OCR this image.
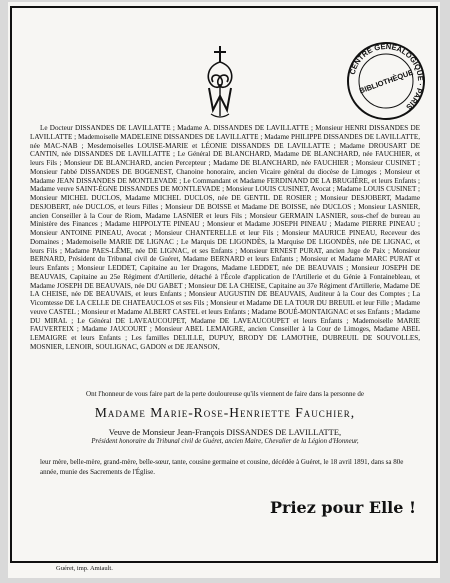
CENTRE GÉNÉALOGIQUE · PARIS
BIBLIOTHÈQUE

Le Docteur DISSANDES DE LAVILLATTE ; Madame A. DISSANDES DE LAVILLATTE ; Monsieur HENRI DISSANDES DE LAVILLATTE ; Mademoiselle MADELEINE DISSANDES DE LAVILLATTE ; Madame PHILIPPE DISSANDES DE LAVILLATTE, née MAC-NAB ; Mesdemoiselles LOUISE-MARIE et LÉONIE DISSANDES DE LAVILLATTE ; Madame DROUSART DE CANTIN, née DISSANDES DE LAVILLATTE ; Le Général DE BLANCHARD, Madame DE BLANCHARD, née FAUCHIER, et leurs Fils ; Monsieur DE BLANCHARD, ancien Percepteur ; Madame DE BLANCHARD, née FAUCHIER ; Monsieur CUSINET ; Monsieur l'abbé DISSANDES DE BOGENEST, Chanoine honoraire, ancien Vicaire général du diocèse de Limoges ; Monsieur et Madame JEAN DISSANDES DE MONTLEVADE ; Le Commandant et Madame FERDINAND DE LA BRUGIÈRE, et leurs Enfants ; Madame veuve SAINT-ÉGNE DISSANDES DE MONTLEVADE ; Monsieur LOUIS CUSINET, Avocat ; Madame LOUIS CUSINET ; Monsieur MICHEL DUCLOS, Madame MICHEL DUCLOS, née DE GENTIL DE ROSIER ; Monsieur DESJOBERT, Madame DESJOBERT, née DUCLOS, et leurs Filles ; Monsieur DE BOISSE et Madame DE BOISSE, née DUCLOS ; Monsieur LASNIER, ancien Conseiller à la Cour de Riom, Madame LASNIER et leurs Fils ; Monsieur GERMAIN LASNIER, sous-chef de bureau au Ministère des Finances ; Madame HIPPOLYTE PINEAU ; Monsieur et Madame JOSEPH PINEAU ; Madame PIERRE PINEAU ; Monsieur ANTOINE PINEAU, Avocat ; Monsieur CHANTERELLE et leur Fils ; Monsieur MAURICE PINEAU, Receveur des Domaines ; Mademoiselle MARIE DE LIGNAC ; Le Marquis DE LIGONDÈS, la Marquise DE LIGONDÈS, née DE LIGNAC, et leurs Fils ; Madame PAES-LÊME, née DE LIGNAC, et ses Enfants ; Monsieur ERNEST PURAT, ancien Juge de Paix ; Monsieur BERNARD, Président du Tribunal civil de Guéret, Madame BERNARD et leurs Enfants ; Monsieur et Madame MARC PURAT et leurs Enfants ; Monsieur LEDDET, Capitaine au 1er Dragons, Madame LEDDET, née DE BEAUVAIS ; Monsieur JOSEPH DE BEAUVAIS, Capitaine au 25e Régiment d'Artillerie, détaché à l'École d'application de l'Artillerie et du Génie à Fontainebleau, et Madame JOSEPH DE BEAUVAIS, née DU GABET ; Monsieur DE LA CHEISE, Capitaine au 37e Régiment d'Artillerie, Madame DE LA CHEISE, née DE BEAUVAIS, et leurs Enfants ; Monsieur AUGUSTIN DE BEAUVAIS, Auditeur à la Cour des Comptes ; La Vicomtesse DE LA CELLE DE CHATEAUCLOS et ses Fils ; Monsieur et Madame DE LA TOUR DU BREUIL et leur Fille ; Madame veuve CASTEL ; Monsieur et Madame ALBERT CASTEL et leurs Enfants ; Madame BOUÉ-MONTAIGNAC et ses Enfants ; Madame DU MIRAL ; Le Général DE LAVEAUCOUPET, Madame DE LAVEAUCOUPET et leurs Enfants ; Mademoiselle MARIE FAUVERTEIX ; Madame JAUCOURT ; Monsieur ABEL LEMAIGRE, ancien Conseiller à la Cour de Limoges, Madame ABEL LEMAIGRE et leurs Enfants ; Les familles DELILLE, DUPUY, BRODY DE LAMOTHE, DUBREUIL DE SOUVOLLES, MOSNIER, LENOIR, SOULIGNAC, GADON et DE JEANSON,

Ont l'honneur de vous faire part de la perte douloureuse qu'ils viennent de faire dans la personne de
Madame Marie-Rose-Henriette Fauchier,
Veuve de Monsieur Jean-François DISSANDES DE LAVILLATTE,
Président honoraire du Tribunal civil de Guéret, ancien Maire, Chevalier de la Légion d'Honneur,
leur mère, belle-mère, grand-mère, belle-sœur, tante, cousine germaine et cousine, décédée à Guéret, le 18 avril 1891, dans sa 80e année, munie des Sacrements de l'Église.
Priez pour Elle !
Guéret, imp. Amiault.
